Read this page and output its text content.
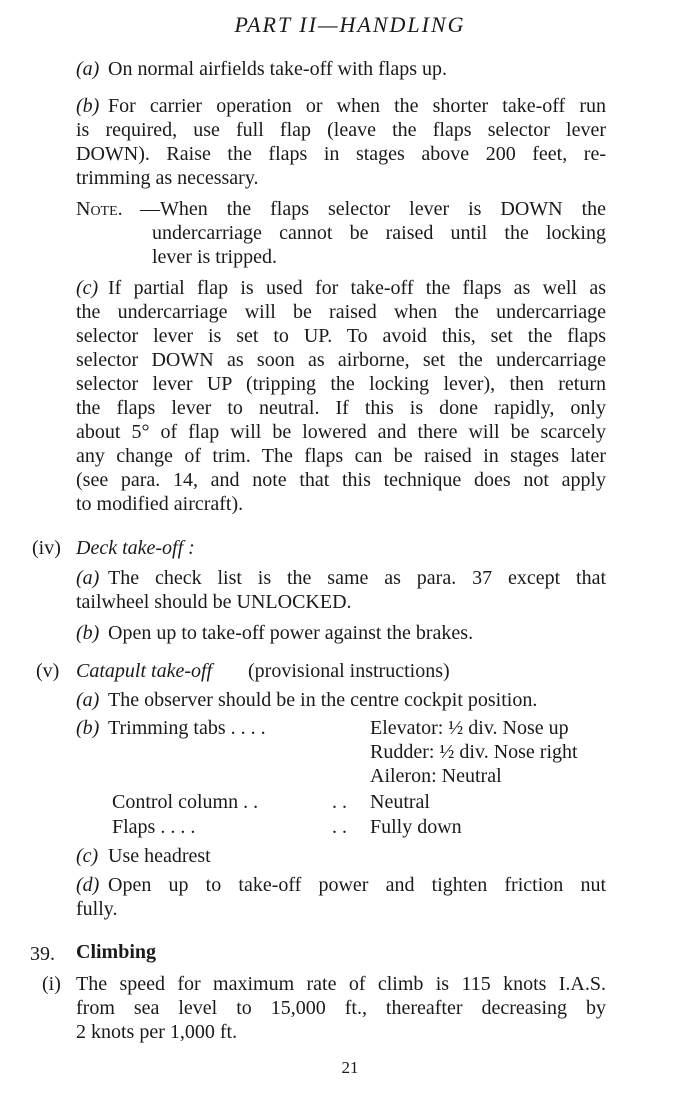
PART II—HANDLING
(a) On normal airfields take-off with flaps up.
(b) For carrier operation or when the shorter take-off run
is required, use full flap (leave the flaps selector lever
DOWN). Raise the flaps in stages above 200 feet, re-
trimming as necessary.
Note. —When the flaps selector lever is DOWN the
undercarriage cannot be raised until the locking
lever is tripped.
(c) If partial flap is used for take-off the flaps as well as
the undercarriage will be raised when the undercarriage
selector lever is set to UP. To avoid this, set the flaps
selector DOWN as soon as airborne, set the undercarriage
selector lever UP (tripping the locking lever), then return
the flaps lever to neutral. If this is done rapidly, only
about 5° of flap will be lowered and there will be scarcely
any change of trim. The flaps can be raised in stages later
(see para. 14, and note that this technique does not apply
to modified aircraft).
(iv) Deck take-off :
(a) The check list is the same as para. 37 except that
tailwheel should be UNLOCKED.
(b) Open up to take-off power against the brakes.
(v) Catapult take-off (provisional instructions)
(a) The observer should be in the centre cockpit position.
(b) Trimming tabs . . . .	Elevator: ½ div. Nose up
Rudder: ½ div. Nose right
Aileron: Neutral
Control column . .	. . Neutral
Flaps . . . .	. . Fully down
(c) Use headrest
(d) Open up to take-off power and tighten friction nut
fully.
39. Climbing
(i) The speed for maximum rate of climb is 115 knots I.A.S.
from sea level to 15,000 ft., thereafter decreasing by
2 knots per 1,000 ft.
21
